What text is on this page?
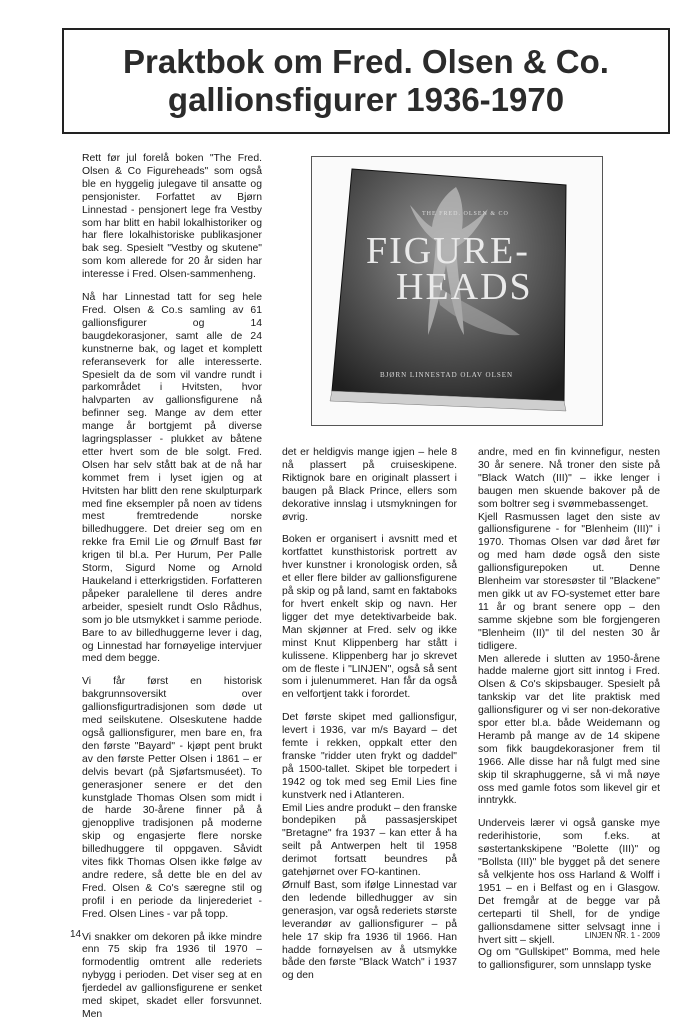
Praktbok om Fred. Olsen & Co.
gallionsfigurer 1936-1970

Rett før jul forelå boken "The Fred. Olsen & Co Figureheads" som også ble en hyggelig julegave til ansatte og pensjonister. Forfattet av Bjørn Linnestad - pensjonert lege fra Vestby som har blitt en habil lokalhistoriker og har flere lokalhistoriske publikasjoner bak seg. Spesielt "Vestby og skutene" som kom allerede for 20 år siden har interesse i Fred. Olsen-sammenheng.

Nå har Linnestad tatt for seg hele Fred. Olsen & Co.s samling av 61 gallionsfigurer og 14 baugdekorasjoner, samt alle de 24 kunstnerne bak, og laget et komplett referanseverk for alle interesserte. Spesielt da de som vil vandre rundt i parkområdet i Hvitsten, hvor halvparten av gallionsfigurene nå befinner seg. Mange av dem etter mange år bortgjemt på diverse lagringsplasser - plukket av båtene etter hvert som de ble solgt. Fred. Olsen har selv stått bak at de nå har kommet frem i lyset igjen og at Hvitsten har blitt den rene skulpturpark med fine eksempler på noen av tidens mest fremtredende norske billedhuggere. Det dreier seg om en rekke fra Emil Lie og Ørnulf Bast før krigen til bl.a. Per Hurum, Per Palle Storm, Sigurd Nome og Arnold Haukeland i etterkrigstiden. Forfatteren påpeker paralellene til deres andre arbeider, spesielt rundt Oslo Rådhus, som jo ble utsmykket i samme periode. Bare to av billedhuggerne lever i dag, og Linnestad har fornøyelige intervjuer med dem begge.

Vi får først en historisk bakgrunnsoversikt over gallionsfigurtradisjonen som døde ut med seilskutene. Olseskutene hadde også gallionsfigurer, men bare en, fra den første "Bayard" - kjøpt pent brukt av den første Petter Olsen i 1861 – er delvis bevart (på Sjøfartsmuséet). To generasjoner senere er det den kunstglade Thomas Olsen som midt i de harde 30-årene finner på å gjenopplive tradisjonen på moderne skip og engasjerte flere norske billedhuggere til oppgaven. Såvidt vites fikk Thomas Olsen ikke følge av andre redere, så dette ble en del av Fred. Olsen & Co's særegne stil og profil i en periode da linjerederiet - Fred. Olsen Lines - var på topp.

Vi snakker om dekoren på ikke mindre enn 75 skip fra 1936 til 1970 – formodentlig omtrent alle rederiets nybygg i perioden. Det viser seg at en fjerdedel av gallionsfigurene er senket med skipet, skadet eller forsvunnet. Men

THE FRED. OLSEN & CO
FIGURE-
HEADS
BJØRN LINNESTAD OLAV OLSEN

det er heldigvis mange igjen – hele 8 nå plassert på cruiseskipene. Riktignok bare en originalt plassert i baugen på Black Prince, ellers som dekorative innslag i utsmykningen for øvrig.

Boken er organisert i avsnitt med et kortfattet kunsthistorisk portrett av hver kunstner i kronologisk orden, så et eller flere bilder av gallionsfigurene på skip og på land, samt en faktaboks for hvert enkelt skip og navn. Her ligger det mye detektivarbeide bak. Man skjønner at Fred. selv og ikke minst Knut Klippenberg har stått i kulissene. Klippenberg har jo skrevet om de fleste i "LINJEN", også så sent som i julenummeret. Han får da også en velfortjent takk i forordet.

Det første skipet med gallionsfigur, levert i 1936, var m/s Bayard – det femte i rekken, oppkalt etter den franske "ridder uten frykt og daddel" på 1500-tallet. Skipet ble torpedert i 1942 og tok med seg Emil Lies fine kunstverk ned i Atlanteren.
Emil Lies andre produkt – den franske bondepiken på passasjerskipet "Bretagne" fra 1937 – kan etter å ha seilt på Antwerpen helt til 1958 derimot fortsatt beundres på gatehjørnet over FO-kantinen.
Ørnulf Bast, som ifølge Linnestad var den ledende billedhugger av sin generasjon, var også rederiets største leverandør av gallionsfigurer – på hele 17 skip fra 1936 til 1966. Han hadde fornøyelsen av å utsmykke både den første "Black Watch" i 1937 og den

andre, med en fin kvinnefigur, nesten 30 år senere. Nå troner den siste på "Black Watch (III)" – ikke lenger i baugen men skuende bakover på de som boltrer seg i svømmebassenget.
Kjell Rasmussen laget den siste av gallionsfigurene - for "Blenheim (III)" i 1970. Thomas Olsen var død året før og med ham døde også den siste gallionsfigurepoken ut. Denne Blenheim var storesøster til "Blackene" men gikk ut av FO-systemet etter bare 11 år og brant senere opp – den samme skjebne som ble forgjengeren "Blenheim (II)" til del nesten 30 år tidligere.
Men allerede i slutten av 1950-årene hadde malerne gjort sitt inntog i Fred. Olsen & Co's skipsbauger. Spesielt på tankskip var det lite praktisk med gallionsfigurer og vi ser non-dekorative spor etter bl.a. både Weidemann og Heramb på mange av de 14 skipene som fikk baugdekorasjoner frem til 1966. Alle disse har nå fulgt med sine skip til skraphuggerne, så vi må nøye oss med gamle fotos som likevel gir et inntrykk.

Underveis lærer vi også ganske mye rederihistorie, som f.eks. at søstertankskipene "Bolette (III)" og "Bollsta (III)" ble bygget på det senere så velkjente hos oss Harland & Wolff i 1951 – en i Belfast og en i Glasgow. Det fremgår at de begge var på certeparti til Shell, for de yndige gallionsdamene sitter selvsagt inne i hvert sitt – skjell.
Og om "Gullskipet" Bomma, med hele to gallionsfigurer, som unnslapp tyske

14	LINJEN NR. 1 - 2009
